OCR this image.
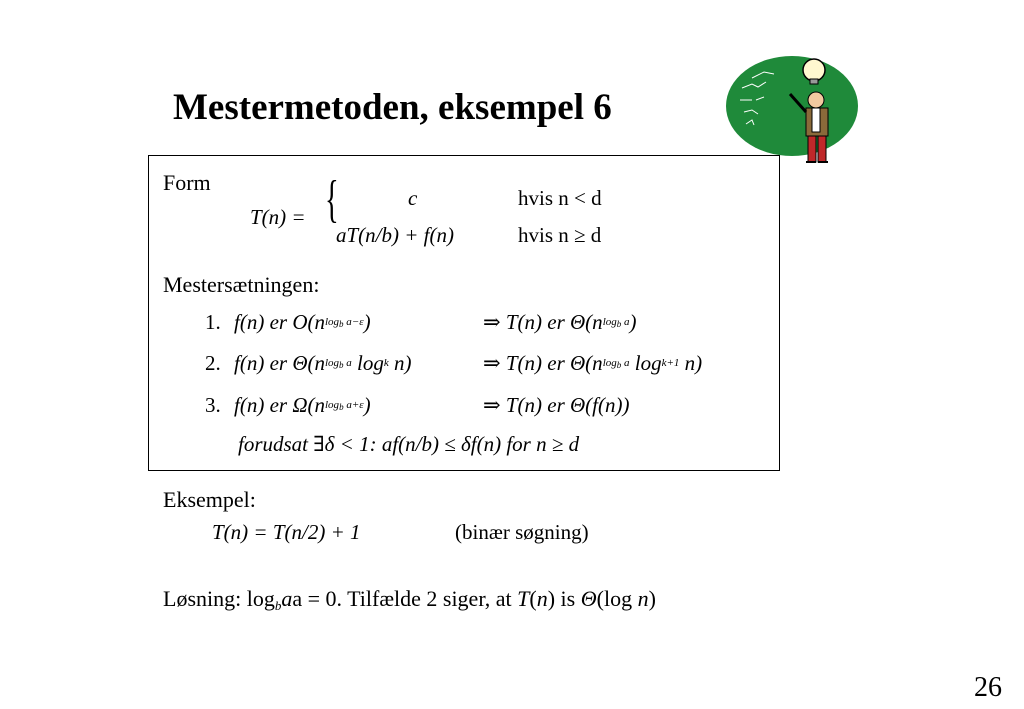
Mestermetoden, eksempel 6
Form
T(n) = {	c	hvis n < d
aT(n/b) + f(n)	hvis n ≥ d
Mestersætningen:
1. f(n) er $O(n^{logb a-\varepsilon})$	⇒ T(n) er $\Theta(n^{logb a})$
2. f(n) er $\Theta(n^{logb a}$ $\log^k n$)	⇒ T(n) er $\Theta(n^{logb a}$ $\log^{k+1} n$)
3. f(n) er $\Omega(n^{logb a+\varepsilon})$	⇒ T(n) er Θ(f(n))
forudsat ∃δ < 1: af(n/b) ≤ δf(n) for n ≥ d
Eksempel:
T(n) = T(n/2) + 1	(binær søgning)
Løsning: logbaa = 0. Tilfælde 2 siger, at T(n) is Θ(log n)
26
